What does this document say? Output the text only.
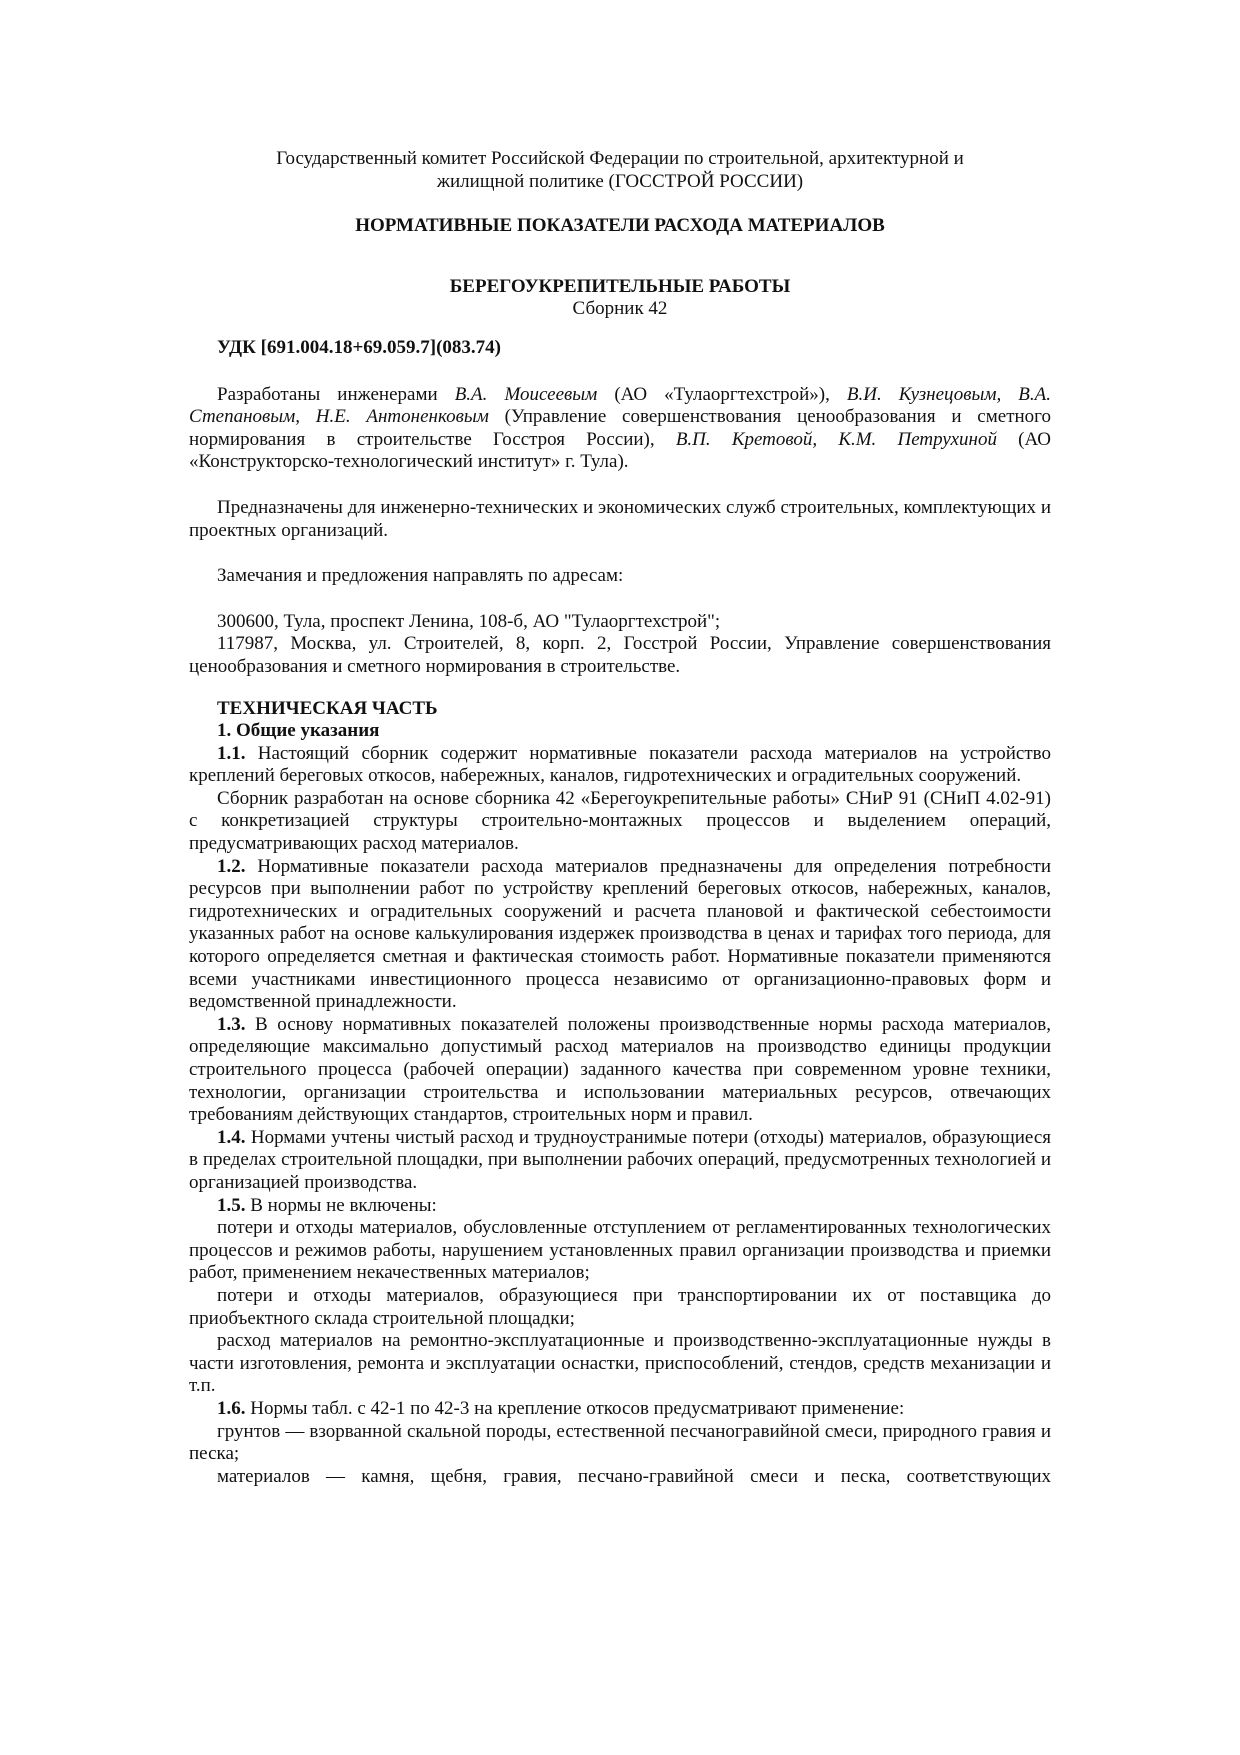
Государственный комитет Российской Федерации по строительной, архитектурной и
жилищной политике (ГОССТРОЙ РОССИИ)

НОРМАТИВНЫЕ ПОКАЗАТЕЛИ РАСХОДА МАТЕРИАЛОВ

БЕРЕГОУКРЕПИТЕЛЬНЫЕ РАБОТЫ

Сборник 42

УДК [691.004.18+69.059.7](083.74)

Разработаны инженерами В.А. Моисеевым (АО «Тулаоргтехстрой»), В.И. Кузнецовым, В.А. Степановым, Н.Е. Антоненковым (Управление совершенствования ценообразования и сметного нормирования в строительстве Госстроя России), В.П. Кретовой, К.М. Петрухиной (АО «Конструкторско-технологический институт» г. Тула).

Предназначены для инженерно-технических и экономических служб строительных, комплектующих и проектных организаций.

Замечания и предложения направлять по адресам:

300600, Тула, проспект Ленина, 108-б, АО "Тулаоргтехстрой";

117987, Москва, ул. Строителей, 8, корп. 2, Госстрой России, Управление совершенствования ценообразования и сметного нормирования в строительстве.

ТЕХНИЧЕСКАЯ ЧАСТЬ

1. Общие указания

1.1. Настоящий сборник содержит нормативные показатели расхода материалов на устройство креплений береговых откосов, набережных, каналов, гидротехнических и оградительных сооружений.

Сборник разработан на основе сборника 42 «Берегоукрепительные работы» СНиР 91 (СНиП 4.02-91) с конкретизацией структуры строительно-монтажных процессов и выделением операций, предусматривающих расход материалов.

1.2. Нормативные показатели расхода материалов предназначены для определения потребности ресурсов при выполнении работ по устройству креплений береговых откосов, набережных, каналов, гидротехнических и оградительных сооружений и расчета плановой и фактической себестоимости указанных работ на основе калькулирования издержек производства в ценах и тарифах того периода, для которого определяется сметная и фактическая стоимость работ. Нормативные показатели применяются всеми участниками инвестиционного процесса независимо от организационно-правовых форм и ведомственной принадлежности.

1.3. В основу нормативных показателей положены производственные нормы расхода материалов, определяющие максимально допустимый расход материалов на производство единицы продукции строительного процесса (рабочей операции) заданного качества при современном уровне техники, технологии, организации строительства и использовании материальных ресурсов, отвечающих требованиям действующих стандартов, строительных норм и правил.

1.4. Нормами учтены чистый расход и трудноустранимые потери (отходы) материалов, образующиеся в пределах строительной площадки, при выполнении рабочих операций, предусмотренных технологией и организацией производства.

1.5. В нормы не включены:

потери и отходы материалов, обусловленные отступлением от регламентированных технологических процессов и режимов работы, нарушением установленных правил организации производства и приемки работ, применением некачественных материалов;

потери и отходы материалов, образующиеся при транспортировании их от поставщика до приобъектного склада строительной площадки;

расход материалов на ремонтно-эксплуатационные и производственно-эксплуатационные нужды в части изготовления, ремонта и эксплуатации оснастки, приспособлений, стендов, средств механизации и т.п.

1.6. Нормы табл. с 42-1 по 42-3 на крепление откосов предусматривают применение:

грунтов — взорванной скальной породы, естественной песчаногравийной смеси, природного гравия и песка;

материалов — камня, щебня, гравия, песчано-гравийной смеси и песка, соответствующих
